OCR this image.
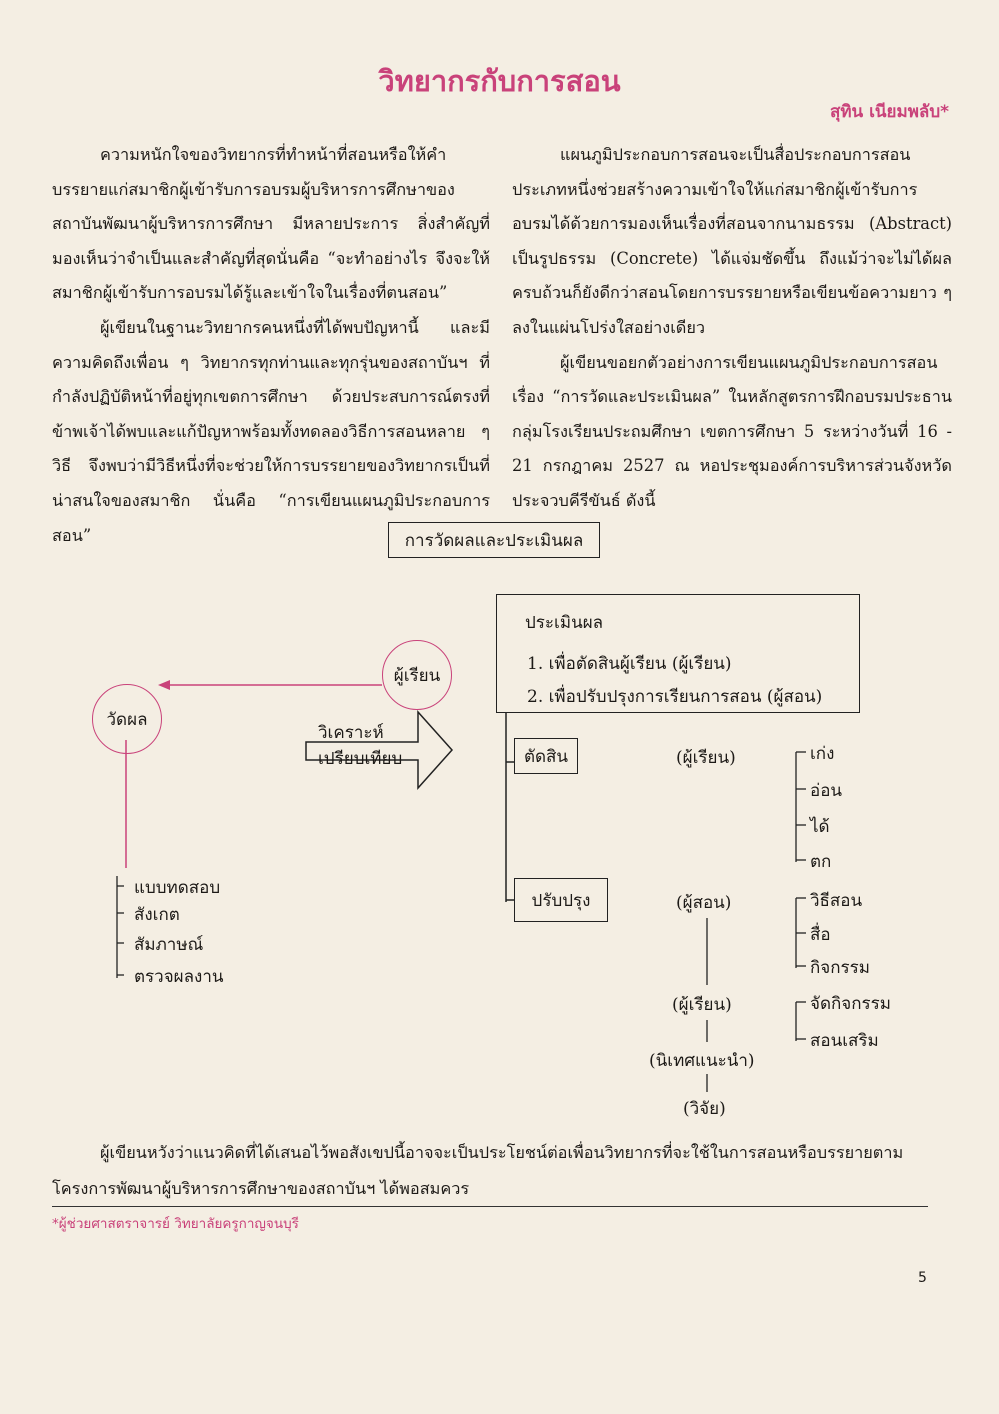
วิทยากรกับการสอน
สุทิน เนียมพลับ*

ความหนักใจของวิทยากรที่ทำหน้าที่สอนหรือให้คำบรรยายแก่สมาชิกผู้เข้ารับการอบรมผู้บริหารการศึกษาของสถาบันพัฒนาผู้บริหารการศึกษา มีหลายประการ สิ่งสำคัญที่มองเห็นว่าจำเป็นและสำคัญที่สุดนั่นคือ “จะทำอย่างไร จึงจะให้สมาชิกผู้เข้ารับการอบรมได้รู้และเข้าใจในเรื่องที่ตนสอน”

ผู้เขียนในฐานะวิทยากรคนหนึ่งที่ได้พบปัญหานี้ และมีความคิดถึงเพื่อน ๆ วิทยากรทุกท่านและทุกรุ่นของสถาบันฯ ที่กำลังปฏิบัติหน้าที่อยู่ทุกเขตการศึกษา ด้วยประสบการณ์ตรงที่ข้าพเจ้าได้พบและแก้ปัญหาพร้อมทั้งทดลองวิธีการสอนหลาย ๆ วิธี จึงพบว่ามีวิธีหนึ่งที่จะช่วยให้การบรรยายของวิทยากรเป็นที่น่าสนใจของสมาชิก นั่นคือ “การเขียนแผนภูมิประกอบการสอน”

แผนภูมิประกอบการสอนจะเป็นสื่อประกอบการสอนประเภทหนึ่งช่วยสร้างความเข้าใจให้แก่สมาชิกผู้เข้ารับการอบรมได้ด้วยการมองเห็นเรื่องที่สอนจากนามธรรม (Abstract) เป็นรูปธรรม (Concrete) ได้แจ่มชัดขึ้น ถึงแม้ว่าจะไม่ได้ผลครบถ้วนก็ยังดีกว่าสอนโดยการบรรยายหรือเขียนข้อความยาว ๆ ลงในแผ่นโปร่งใสอย่างเดียว

ผู้เขียนขอยกตัวอย่างการเขียนแผนภูมิประกอบการสอนเรื่อง “การวัดและประเมินผล” ในหลักสูตรการฝึกอบรมประธานกลุ่มโรงเรียนประถมศึกษา เขตการศึกษา 5 ระหว่างวันที่ 16 - 21 กรกฎาคม 2527 ณ หอประชุมองค์การบริหารส่วนจังหวัดประจวบคีรีขันธ์ ดังนี้

การวัดผลและประเมินผล
ผู้เรียน
วัดผล
วิเคราะห์
เปรียบเทียบ
ประเมินผล
1. เพื่อตัดสินผู้เรียน (ผู้เรียน)
2. เพื่อปรับปรุงการเรียนการสอน (ผู้สอน)
ตัดสิน	(ผู้เรียน)	เก่ง
อ่อน
ได้
ตก
ปรับปรุง	(ผู้สอน)	วิธีสอน
สื่อ
กิจกรรม
(ผู้เรียน)	จัดกิจกรรม
สอนเสริม
(นิเทศแนะนำ)
(วิจัย)
แบบทดสอบ
สังเกต
สัมภาษณ์
ตรวจผลงาน

ผู้เขียนหวังว่าแนวคิดที่ได้เสนอไว้พอสังเขปนี้อาจจะเป็นประโยชน์ต่อเพื่อนวิทยากรที่จะใช้ในการสอนหรือบรรยายตามโครงการพัฒนาผู้บริหารการศึกษาของสถาบันฯ ได้พอสมควร

*ผู้ช่วยศาสตราจารย์ วิทยาลัยครูกาญจนบุรี
5
